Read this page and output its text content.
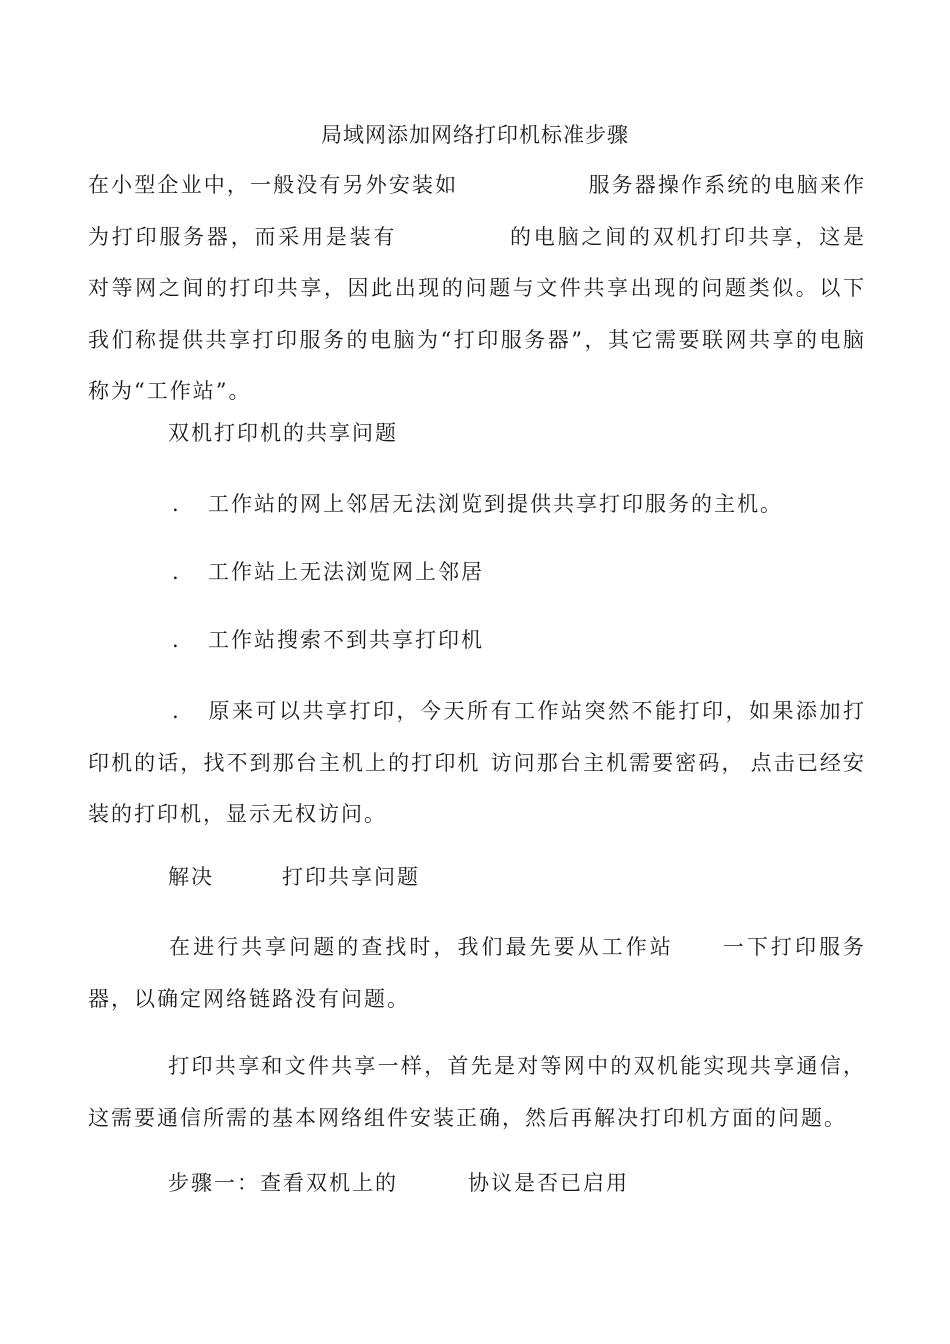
局域网添加网络打印机标准步骤

在小型企业中，一般没有另外安装如	服务器操作系统的电脑来作为打印服务器，而采用是装有	的电脑之间的双机打印共享，这是对等网之间的打印共享，因此出现的问题与文件共享出现的问题类似。以下我们称提供共享打印服务的电脑为“打印服务器”，其它需要联网共享的电脑称为“工作站”。

双机打印机的共享问题

. 工作站的网上邻居无法浏览到提供共享打印服务的主机。

. 工作站上无法浏览网上邻居

. 工作站搜索不到共享打印机

. 原来可以共享打印，今天所有工作站突然不能打印，如果添加打印机的话，找不到那台主机上的打印机 访问那台主机需要密码， 点击已经安装的打印机，显示无权访问。

解决	打印共享问题

在进行共享问题的查找时，我们最先要从工作站 一下打印服务器，以确定网络链路没有问题。

打印共享和文件共享一样，首先是对等网中的双机能实现共享通信，这需要通信所需的基本网络组件安装正确，然后再解决打印机方面的问题。

步骤一：查看双机上的	协议是否已启用
